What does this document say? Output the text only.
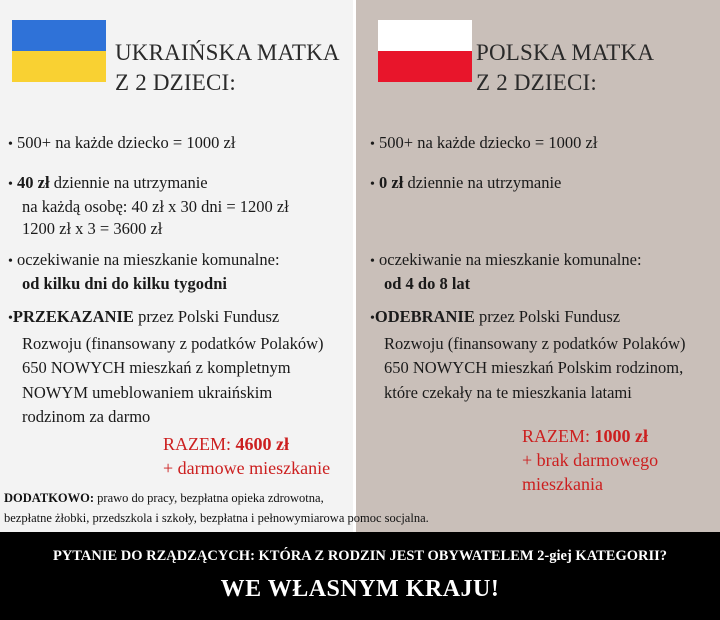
UKRAIŃSKA MATKA
Z 2 DZIECI:
POLSKA MATKA
Z 2 DZIECI:
• 500+ na każde dziecko = 1000 zł
• 40 zł dziennie na utrzymanie
na każdą osobę: 40 zł x 30 dni = 1200 zł
1200 zł x 3 = 3600 zł
• oczekiwanie na mieszkanie komunalne:
od kilku dni do kilku tygodni
•PRZEKAZANIE przez Polski Fundusz
Rozwoju (finansowany z podatków Polaków)
650 NOWYCH mieszkań z kompletnym
NOWYM umeblowaniem ukraińskim
rodzinom za darmo
RAZEM: 4600 zł
+ darmowe mieszkanie
• 500+ na każde dziecko = 1000 zł
• 0 zł dziennie na utrzymanie
• oczekiwanie na mieszkanie komunalne:
od 4 do 8 lat
•ODEBRANIE przez Polski Fundusz
Rozwoju (finansowany z podatków Polaków)
650 NOWYCH mieszkań Polskim rodzinom,
które czekały na te mieszkania latami
RAZEM: 1000 zł
+ brak darmowego
mieszkania
DODATKOWO: prawo do pracy, bezpłatna opieka zdrowotna,
bezpłatne żłobki, przedszkola i szkoły, bezpłatna i pełnowymiarowa pomoc socjalna.
PYTANIE DO RZĄDZĄCYCH: KTÓRA Z RODZIN JEST OBYWATELEM 2-giej KATEGORII?
WE WŁASNYM KRAJU!
